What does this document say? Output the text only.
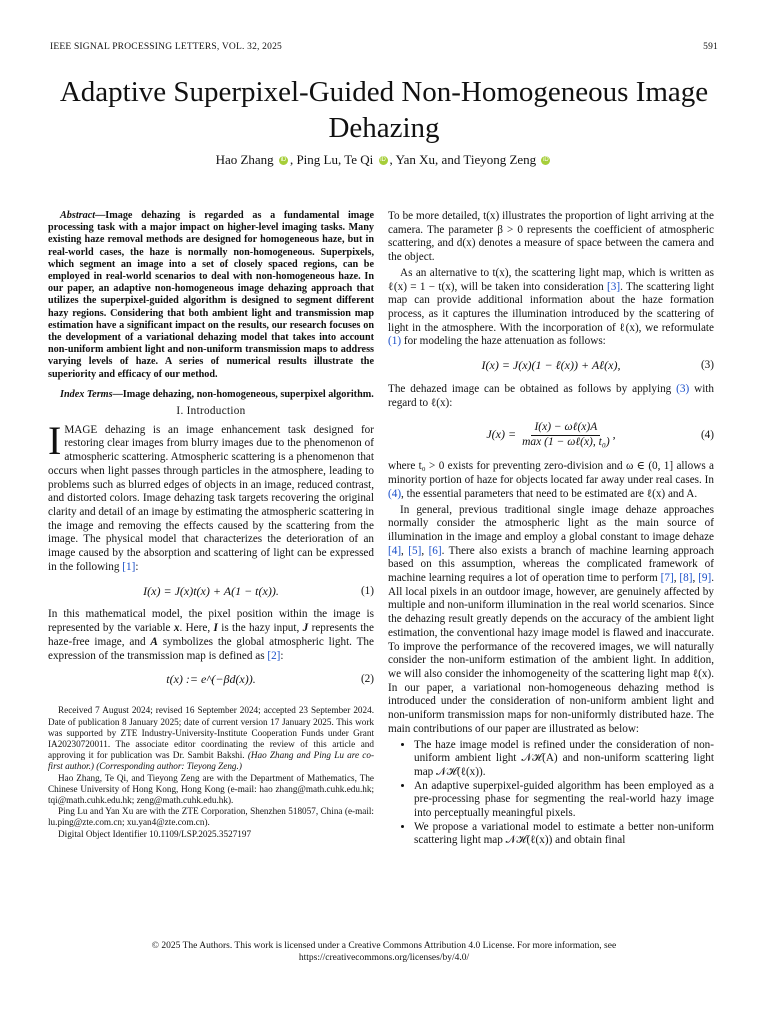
IEEE SIGNAL PROCESSING LETTERS, VOL. 32, 2025	591
Adaptive Superpixel-Guided Non-Homogeneous Image Dehazing
Hao Zhang iD , Ping Lu, Te Qi iD , Yan Xu, and Tieyong Zeng iD

Abstract—Image dehazing is regarded as a fundamental image processing task with a major impact on higher-level imaging tasks. Many existing haze removal methods are designed for homogeneous haze, but in real-world cases, the haze is normally non-homogeneous. Superpixels, which segment an image into a set of closely spaced regions, can be employed in real-world scenarios to deal with non-homogeneous haze. In our paper, an adaptive non-homogeneous image dehazing approach that utilizes the superpixel-guided algorithm is designed to segment different hazy regions. Considering that both ambient light and transmission map estimation have a significant impact on the results, our research focuses on the development of a variational dehazing model that takes into account non-uniform ambient light and non-uniform transmission maps to address varying levels of haze. A series of numerical results illustrate the superiority and efficacy of our method.

Index Terms—Image dehazing, non-homogeneous, superpixel algorithm.

I. Introduction

IMAGE dehazing is an image enhancement task designed for restoring clear images from blurry images due to the phenomenon of atmospheric scattering. Atmospheric scattering is a phenomenon that occurs when light passes through particles in the atmosphere, leading to problems such as blurred edges of objects in an image, reduced contrast, and distorted colors. Image dehazing task targets recovering the original clarity and detail of an image by estimating the atmospheric scattering in the image and removing the effects caused by the scattering from the image. The physical model that characterizes the deterioration of an image caused by the absorption and scattering of light can be expressed in the following [1]:

I(x) = J(x)t(x) + A(1 − t(x)).	(1)

In this mathematical model, the pixel position within the image is represented by the variable x. Here, I is the hazy input, J represents the haze-free image, and A symbolizes the global atmospheric light. The expression of the transmission map is defined as [2]:

t(x) := e^(−βd(x)).	(2)

Received 7 August 2024; revised 16 September 2024; accepted 23 September 2024. Date of publication 8 January 2025; date of current version 17 January 2025. This work was supported by ZTE Industry-University-Institute Cooperation Funds under Grant IA20230720011. The associate editor coordinating the review of this article and approving it for publication was Dr. Sambit Bakshi. (Hao Zhang and Ping Lu are co-first author.) (Corresponding author: Tieyong Zeng.)

Hao Zhang, Te Qi, and Tieyong Zeng are with the Department of Mathematics, The Chinese University of Hong Kong, Hong Kong (e-mail: hao zhang@math.cuhk.edu.hk; tqi@math.cuhk.edu.hk; zeng@math.cuhk.edu.hk).

Ping Lu and Yan Xu are with the ZTE Corporation, Shenzhen 518057, China (e-mail: lu.ping@zte.com.cn; xu.yan4@zte.com.cn).

Digital Object Identifier 10.1109/LSP.2025.3527197

To be more detailed, t(x) illustrates the proportion of light arriving at the camera. The parameter β > 0 represents the coefficient of atmospheric scattering, and d(x) denotes a measure of space between the camera and the object.

As an alternative to t(x), the scattering light map, which is written as ℓ(x) = 1 − t(x), will be taken into consideration [3]. The scattering light map can provide additional information about the haze formation process, as it captures the illumination introduced by the scattering of light in the atmosphere. With the incorporation of ℓ(x), we reformulate (1) for modeling the haze attenuation as follows:

I(x) = J(x)(1 − ℓ(x)) + Aℓ(x),	(3)

The dehazed image can be obtained as follows by applying (3) with regard to ℓ(x):

$J(x) = \frac{\text{I(x) − ωℓ(x)A}}{\text{max (1 − ωℓ(x), t₀)}}$ ,	(4)

where t₀ > 0 exists for preventing zero-division and ω ∈ (0, 1] allows a minority portion of haze for objects located far away under real cases. In (4), the essential parameters that need to be estimated are ℓ(x) and A.

In general, previous traditional single image dehaze approaches normally consider the atmospheric light as the main source of illumination in the image and employ a global constant to image dehaze [4], [5], [6]. There also exists a branch of machine learning approach based on this assumption, whereas the complicated framework of machine learning requires a lot of operation time to perform [7], [8], [9]. All local pixels in an outdoor image, however, are genuinely affected by multiple and non-uniform illumination in the real world scenarios. Since the dehazing result greatly depends on the accuracy of the ambient light estimation, the conventional hazy image model is flawed and inaccurate. To improve the performance of the recovered images, we will naturally consider the non-uniform estimation of the ambient light. In addition, we will also consider the inhomogeneity of the scattering light map ℓ(x). In our paper, a variational non-homogeneous dehazing method is introduced under the consideration of non-uniform ambient light and non-uniform transmission maps for non-uniformly distributed haze. The main contributions of our paper are illustrated as below:

• The haze image model is refined under the consideration of non-uniform ambient light 𝒩ℋ(A) and non-uniform scattering light map 𝒩ℋ(ℓ(x)).
• An adaptive superpixel-guided algorithm has been employed as a pre-processing phase for segmenting the real-world hazy image into perceptually meaningful pixels.
• We propose a variational model to estimate a better non-uniform scattering light map 𝒩ℋ(ℓ(x)) and obtain final
© 2025 The Authors. This work is licensed under a Creative Commons Attribution 4.0 License. For more information, see
https://creativecommons.org/licenses/by/4.0/
